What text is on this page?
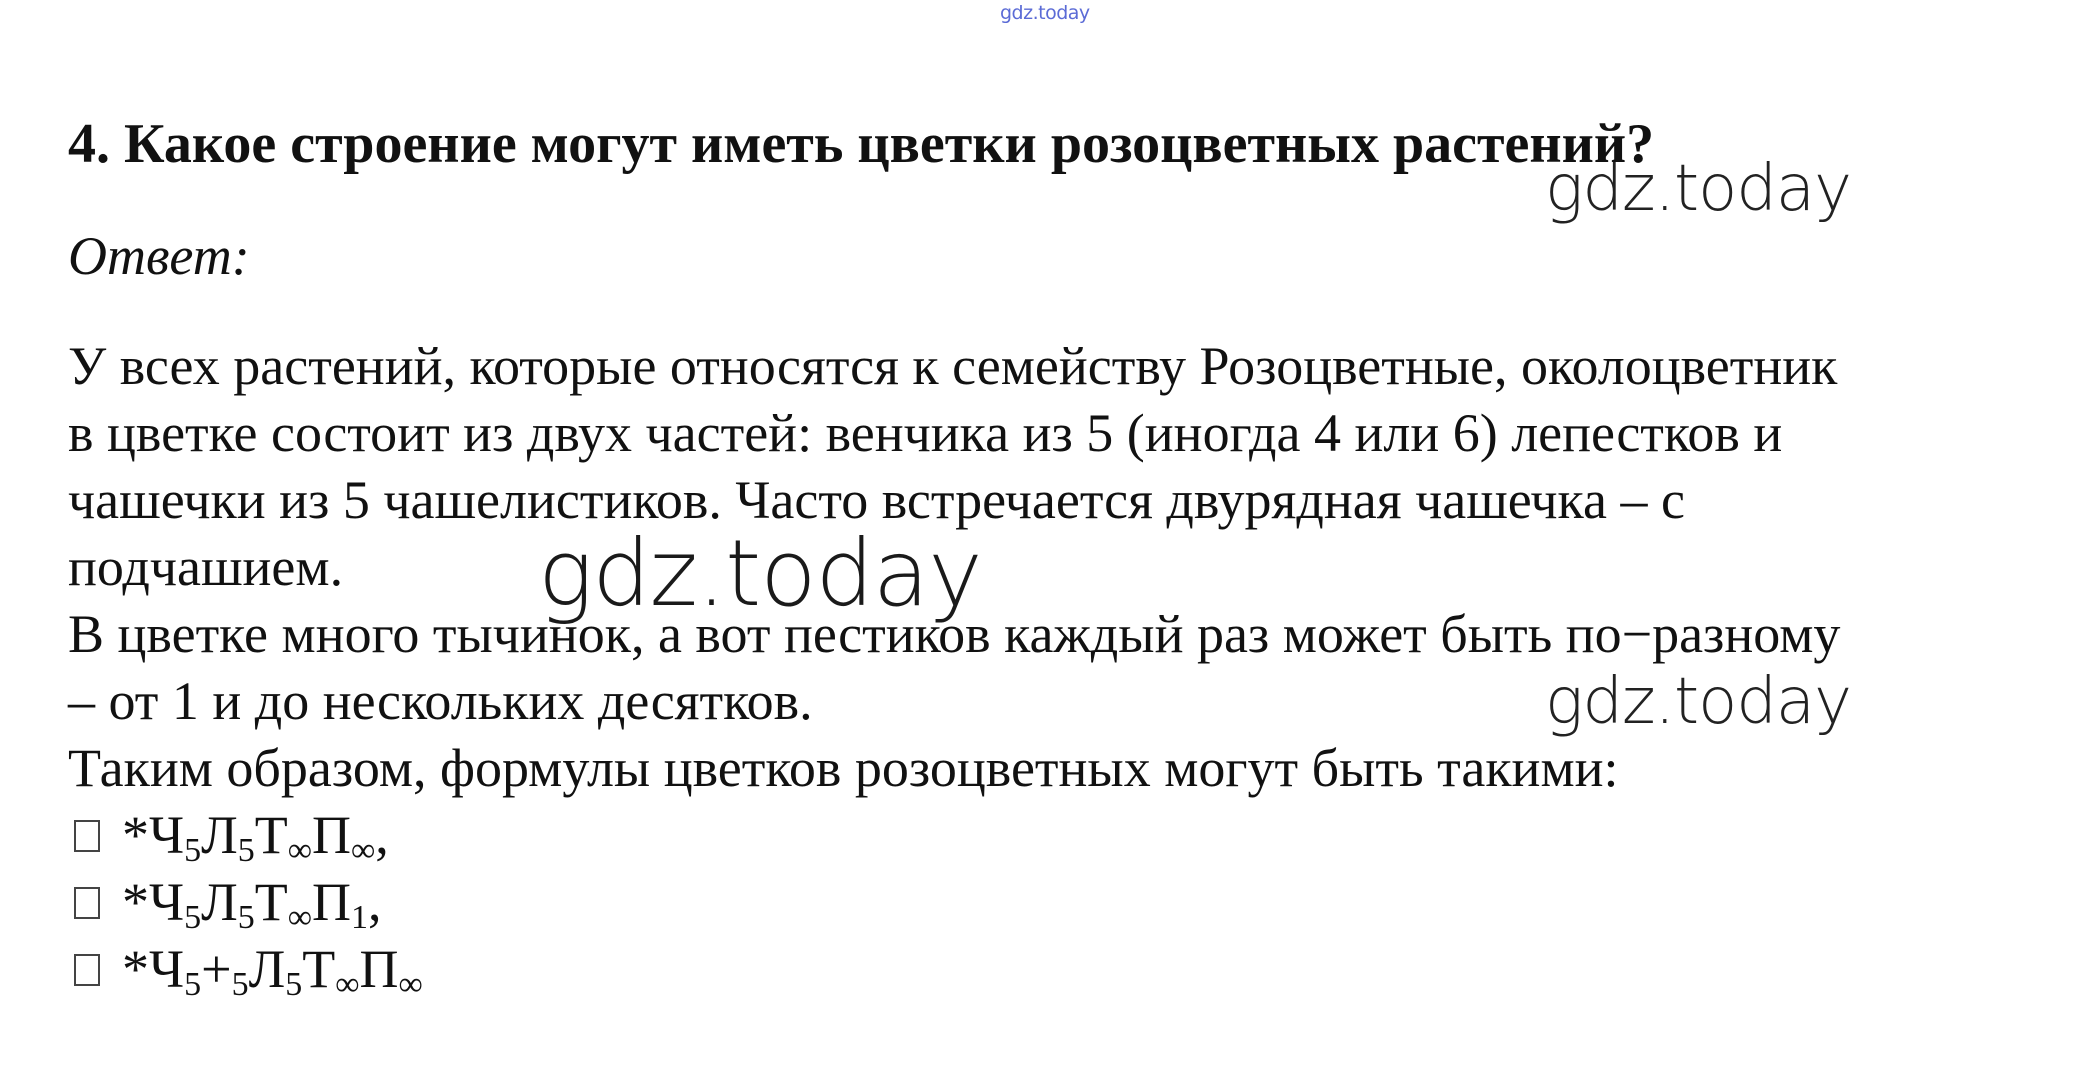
gdz.today
gdz.today
gdz.today
gdz.today
4. Какое строение могут иметь цветки розоцветных растений?
Ответ:
У всех растений, которые относятся к семейству Розоцветные, околоцветник
в цветке состоит из двух частей: венчика из 5 (иногда 4 или 6) лепестков и
чашечки из 5 чашелистиков. Часто встречается двурядная чашечка – с
подчашием.
В цветке много тычинок, а вот пестиков каждый раз может быть по−разному
– от 1 и до нескольких десятков.
Таким образом, формулы цветков розоцветных могут быть такими:
$*Ч_5Л_5Т_\infty П_\infty$,
$*Ч_5Л_5Т_\infty П_1$,
$*Ч_5+_5Л_5Т_\infty П_\infty$
